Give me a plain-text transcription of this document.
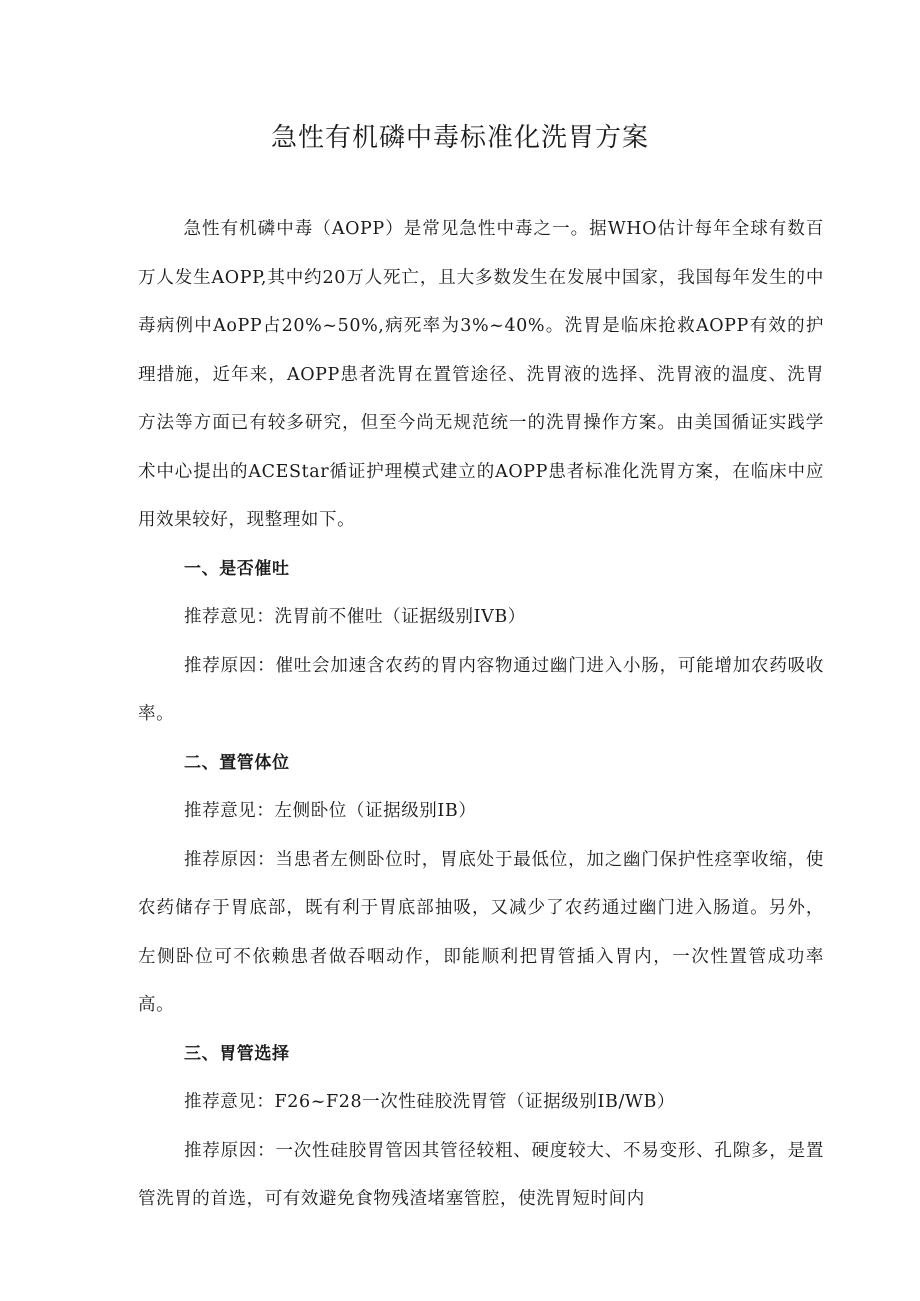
急性有机磷中毒标准化洗胃方案

急性有机磷中毒（AOPP）是常见急性中毒之一。据WHO估计每年全球有数百万人发生AOPP,其中约20万人死亡，且大多数发生在发展中国家，我国每年发生的中毒病例中AoPP占20%~50%,病死率为3%~40%。洗胃是临床抢救AOPP有效的护理措施，近年来，AOPP患者洗胃在置管途径、洗胃液的选择、洗胃液的温度、洗胃方法等方面已有较多研究，但至今尚无规范统一的洗胃操作方案。由美国循证实践学术中心提出的ACEStar循证护理模式建立的AOPP患者标准化洗胃方案，在临床中应用效果较好，现整理如下。

一、是否催吐

推荐意见：洗胃前不催吐（证据级别IVB）

推荐原因：催吐会加速含农药的胃内容物通过幽门进入小肠，可能增加农药吸收率。

二、置管体位

推荐意见：左侧卧位（证据级别IB）

推荐原因：当患者左侧卧位时，胃底处于最低位，加之幽门保护性痉挛收缩，使农药储存于胃底部，既有利于胃底部抽吸，又减少了农药通过幽门进入肠道。另外，左侧卧位可不依赖患者做吞咽动作，即能顺利把胃管插入胃内，一次性置管成功率高。

三、胃管选择

推荐意见：F26~F28一次性硅胶洗胃管（证据级别IB/WB）

推荐原因：一次性硅胶胃管因其管径较粗、硬度较大、不易变形、孔隙多，是置管洗胃的首选，可有效避免食物残渣堵塞管腔，使洗胃短时间内
